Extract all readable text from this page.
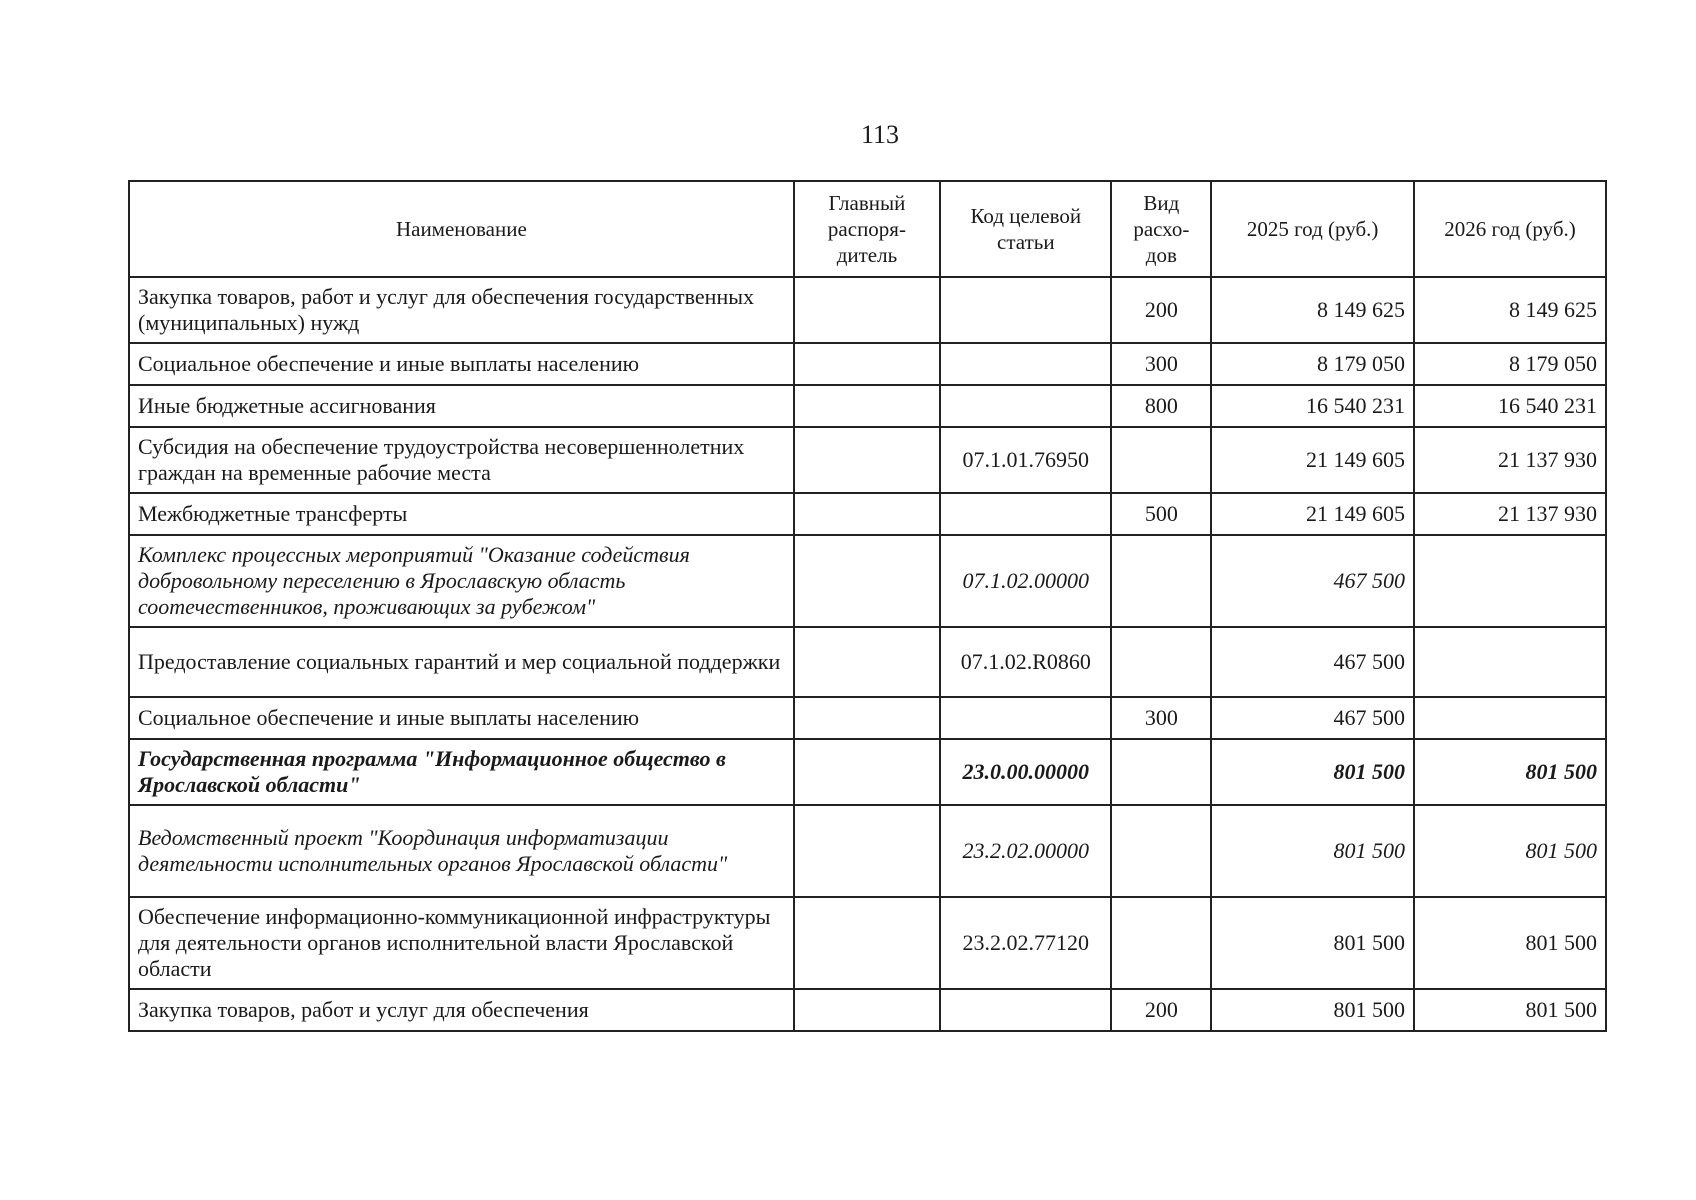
113
Наименование	Главный распоря-дитель	Код целевой статьи	Вид расхо-дов	2025 год (руб.)	2026 год (руб.)
Закупка товаров, работ и услуг для обеспечения государственных (муниципальных) нужд			200	8 149 625	8 149 625
Социальное обеспечение и иные выплаты населению			300	8 179 050	8 179 050
Иные бюджетные ассигнования			800	16 540 231	16 540 231
Субсидия на обеспечение трудоустройства несовершеннолетних граждан на временные рабочие места		07.1.01.76950		21 149 605	21 137 930
Межбюджетные трансферты			500	21 149 605	21 137 930
Комплекс процессных мероприятий "Оказание содействия добровольному переселению в Ярославскую область соотечественников, проживающих за рубежом"		07.1.02.00000		467 500	
Предоставление социальных гарантий и мер социальной поддержки		07.1.02.R0860		467 500	
Социальное обеспечение и иные выплаты населению			300	467 500	
Государственная программа "Информационное общество в Ярославской области"		23.0.00.00000		801 500	801 500
Ведомственный проект "Координация информатизации деятельности исполнительных органов Ярославской области"		23.2.02.00000		801 500	801 500
Обеспечение информационно-коммуникационной инфраструктуры для деятельности органов исполнительной власти Ярославской области		23.2.02.77120		801 500	801 500
Закупка товаров, работ и услуг для обеспечения			200	801 500	801 500
